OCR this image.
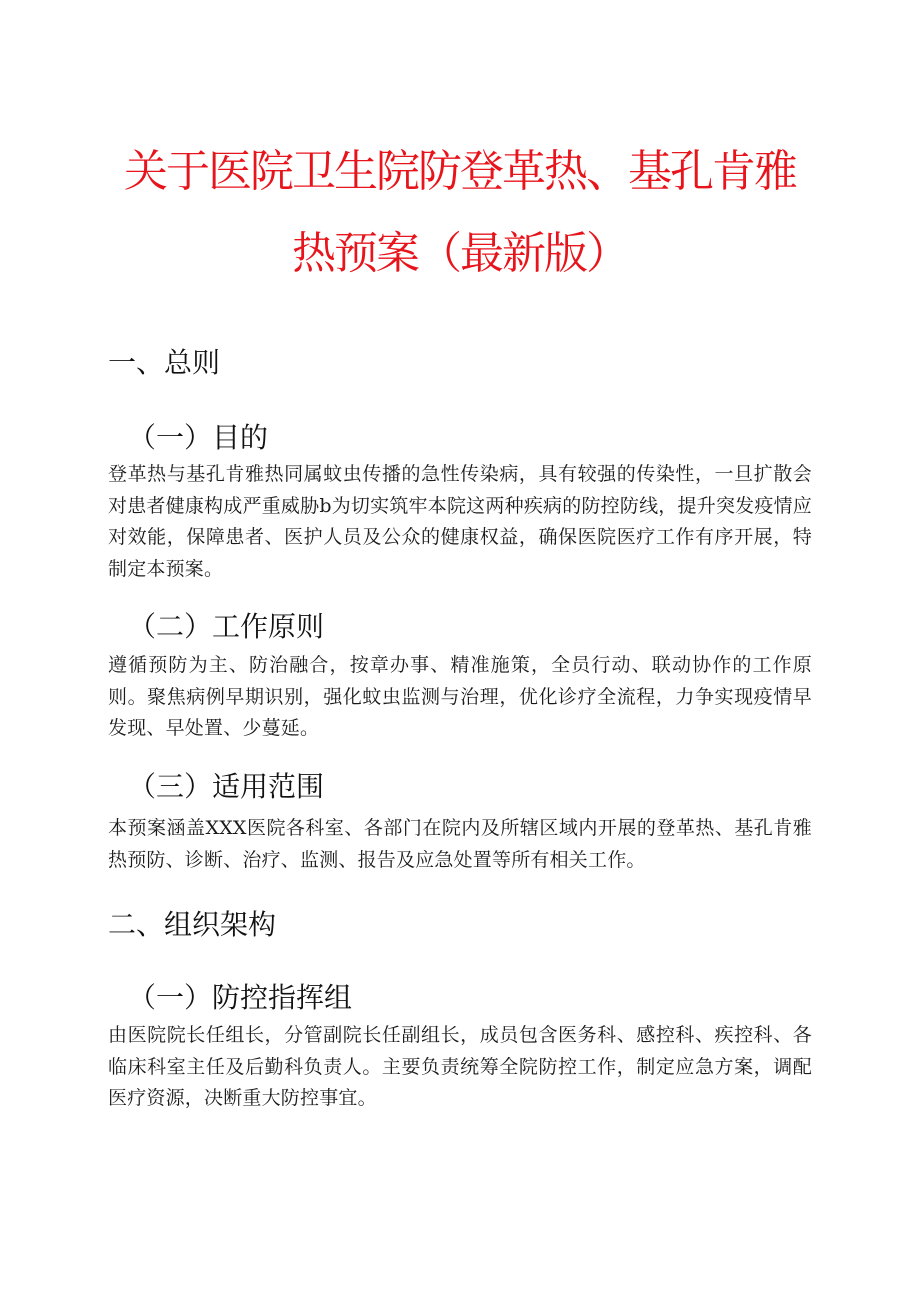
关于医院卫生院防登革热、基孔肯雅
热预案（最新版）
一、总则
（一）目的
登革热与基孔肯雅热同属蚊虫传播的急性传染病，具有较强的传染性，一旦扩散会对患者健康构成严重威胁b为切实筑牢本院这两种疾病的防控防线，提升突发疫情应对效能，保障患者、医护人员及公众的健康权益，确保医院医疗工作有序开展，特制定本预案。
（二）工作原则
遵循预防为主、防治融合，按章办事、精准施策，全员行动、联动协作的工作原则。聚焦病例早期识别，强化蚊虫监测与治理，优化诊疗全流程，力争实现疫情早发现、早处置、少蔓延。
（三）适用范围
本预案涵盖XXX医院各科室、各部门在院内及所辖区域内开展的登革热、基孔肯雅热预防、诊断、治疗、监测、报告及应急处置等所有相关工作。
二、组织架构
（一）防控指挥组
由医院院长任组长，分管副院长任副组长，成员包含医务科、感控科、疾控科、各临床科室主任及后勤科负责人。主要负责统筹全院防控工作，制定应急方案，调配医疗资源，决断重大防控事宜。
